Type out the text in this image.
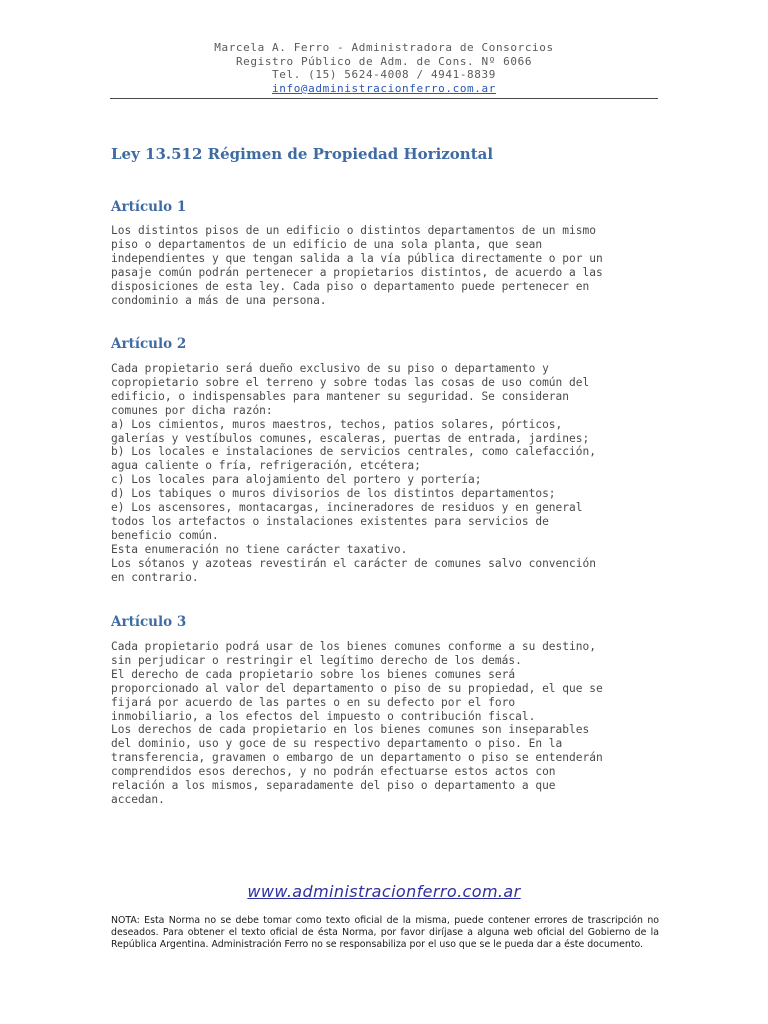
Marcela A. Ferro - Administradora de Consorcios
Registro Público de Adm. de Cons. Nº 6066
Tel. (15) 5624-4008 / 4941-8839
info@administracionferro.com.ar
Ley 13.512 Régimen de Propiedad Horizontal
Artículo 1

Los distintos pisos de un edificio o distintos departamentos de un mismo
piso o departamentos de un edificio de una sola planta, que sean
independientes y que tengan salida a la vía pública directamente o por un
pasaje común podrán pertenecer a propietarios distintos, de acuerdo a las
disposiciones de esta ley. Cada piso o departamento puede pertenecer en
condominio a más de una persona.

Artículo 2

Cada propietario será dueño exclusivo de su piso o departamento y
copropietario sobre el terreno y sobre todas las cosas de uso común del
edificio, o indispensables para mantener su seguridad. Se consideran
comunes por dicha razón:
a) Los cimientos, muros maestros, techos, patios solares, pórticos,
galerías y vestíbulos comunes, escaleras, puertas de entrada, jardines;
b) Los locales e instalaciones de servicios centrales, como calefacción,
agua caliente o fría, refrigeración, etcétera;
c) Los locales para alojamiento del portero y portería;
d) Los tabiques o muros divisorios de los distintos departamentos;
e) Los ascensores, montacargas, incineradores de residuos y en general
todos los artefactos o instalaciones existentes para servicios de
beneficio común.
Esta enumeración no tiene carácter taxativo.
Los sótanos y azoteas revestirán el carácter de comunes salvo convención
en contrario.

Artículo 3

Cada propietario podrá usar de los bienes comunes conforme a su destino,
sin perjudicar o restringir el legítimo derecho de los demás.
El derecho de cada propietario sobre los bienes comunes será
proporcionado al valor del departamento o piso de su propiedad, el que se
fijará por acuerdo de las partes o en su defecto por el foro
inmobiliario, a los efectos del impuesto o contribución fiscal.
Los derechos de cada propietario en los bienes comunes son inseparables
del dominio, uso y goce de su respectivo departamento o piso. En la
transferencia, gravamen o embargo de un departamento o piso se entenderán
comprendidos esos derechos, y no podrán efectuarse estos actos con
relación a los mismos, separadamente del piso o departamento a que
accedan.

www.administracionferro.com.ar

NOTA: Esta Norma no se debe tomar como texto oficial de la misma, puede contener errores de trascripción no deseados. Para obtener el texto oficial de ésta Norma, por favor diríjase a alguna web oficial del Gobierno de la República Argentina. Administración Ferro no se responsabiliza por el uso que se le pueda dar a éste documento.
